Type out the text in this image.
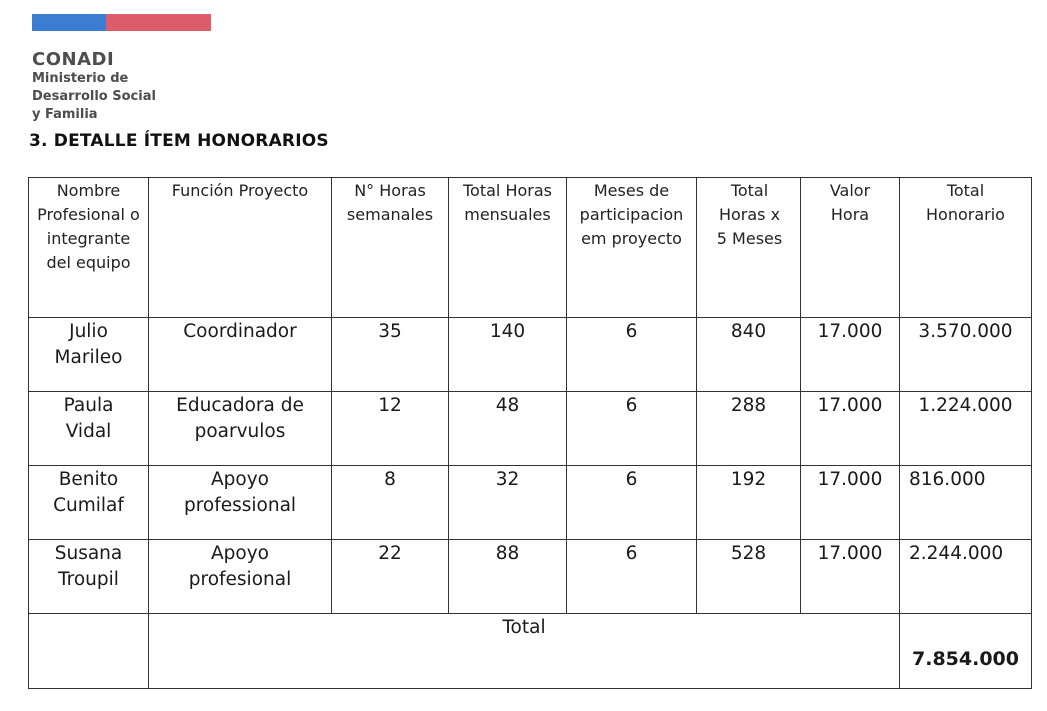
CONADI
Ministerio de
Desarrollo Social
y Familia
3. DETALLE ÍTEM HONORARIOS
Nombre Profesional o integrante del equipo	Función Proyecto	N° Horas semanales	Total Horas mensuales	Meses de participacion em proyecto	Total Horas x 5 Meses	Valor Hora	Total Honorario
Julio Marileo	Coordinador	35	140	6	840	17.000	3.570.000
Paula Vidal	Educadora de poarvulos	12	48	6	288	17.000	1.224.000
Benito Cumilaf	Apoyo professional	8	32	6	192	17.000	816.000
Susana Troupil	Apoyo profesional	22	88	6	528	17.000	2.244.000

	Total						7.854.000
